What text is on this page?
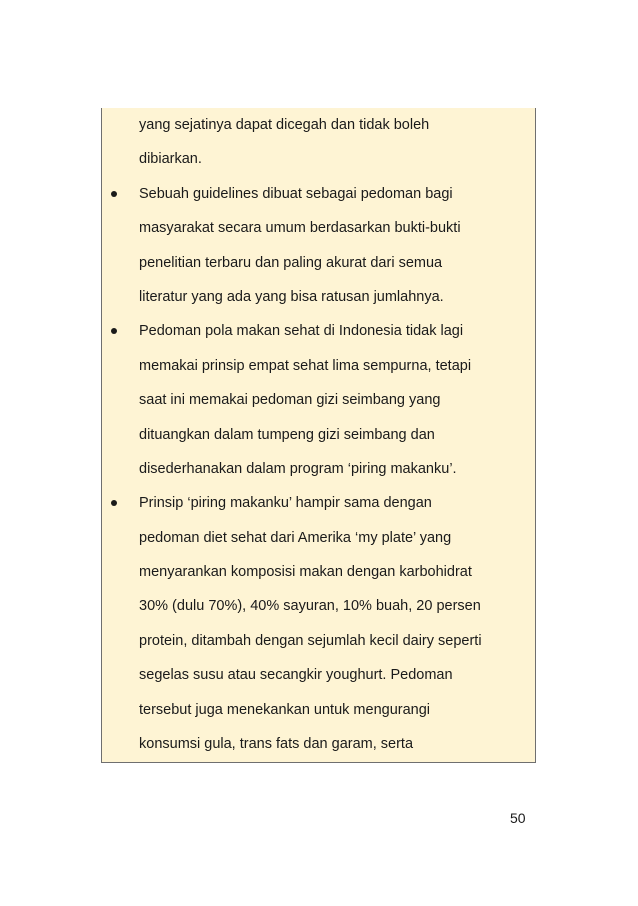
yang sejatinya dapat dicegah dan tidak boleh
dibiarkan.
Sebuah guidelines dibuat sebagai pedoman bagi
masyarakat secara umum berdasarkan bukti-bukti
penelitian terbaru dan paling akurat dari semua
literatur yang ada yang bisa ratusan jumlahnya.
Pedoman pola makan sehat di Indonesia tidak lagi
memakai prinsip empat sehat lima sempurna, tetapi
saat ini memakai pedoman gizi seimbang yang
dituangkan dalam tumpeng gizi seimbang dan
disederhanakan dalam program ‘piring makanku’.
Prinsip ‘piring makanku’ hampir sama dengan
pedoman diet sehat dari Amerika ‘my plate’ yang
menyarankan komposisi makan dengan karbohidrat
30% (dulu 70%), 40% sayuran, 10% buah, 20 persen
protein, ditambah dengan sejumlah kecil dairy seperti
segelas susu atau secangkir youghurt. Pedoman
tersebut juga menekankan untuk mengurangi
konsumsi gula, trans fats dan garam, serta
50
